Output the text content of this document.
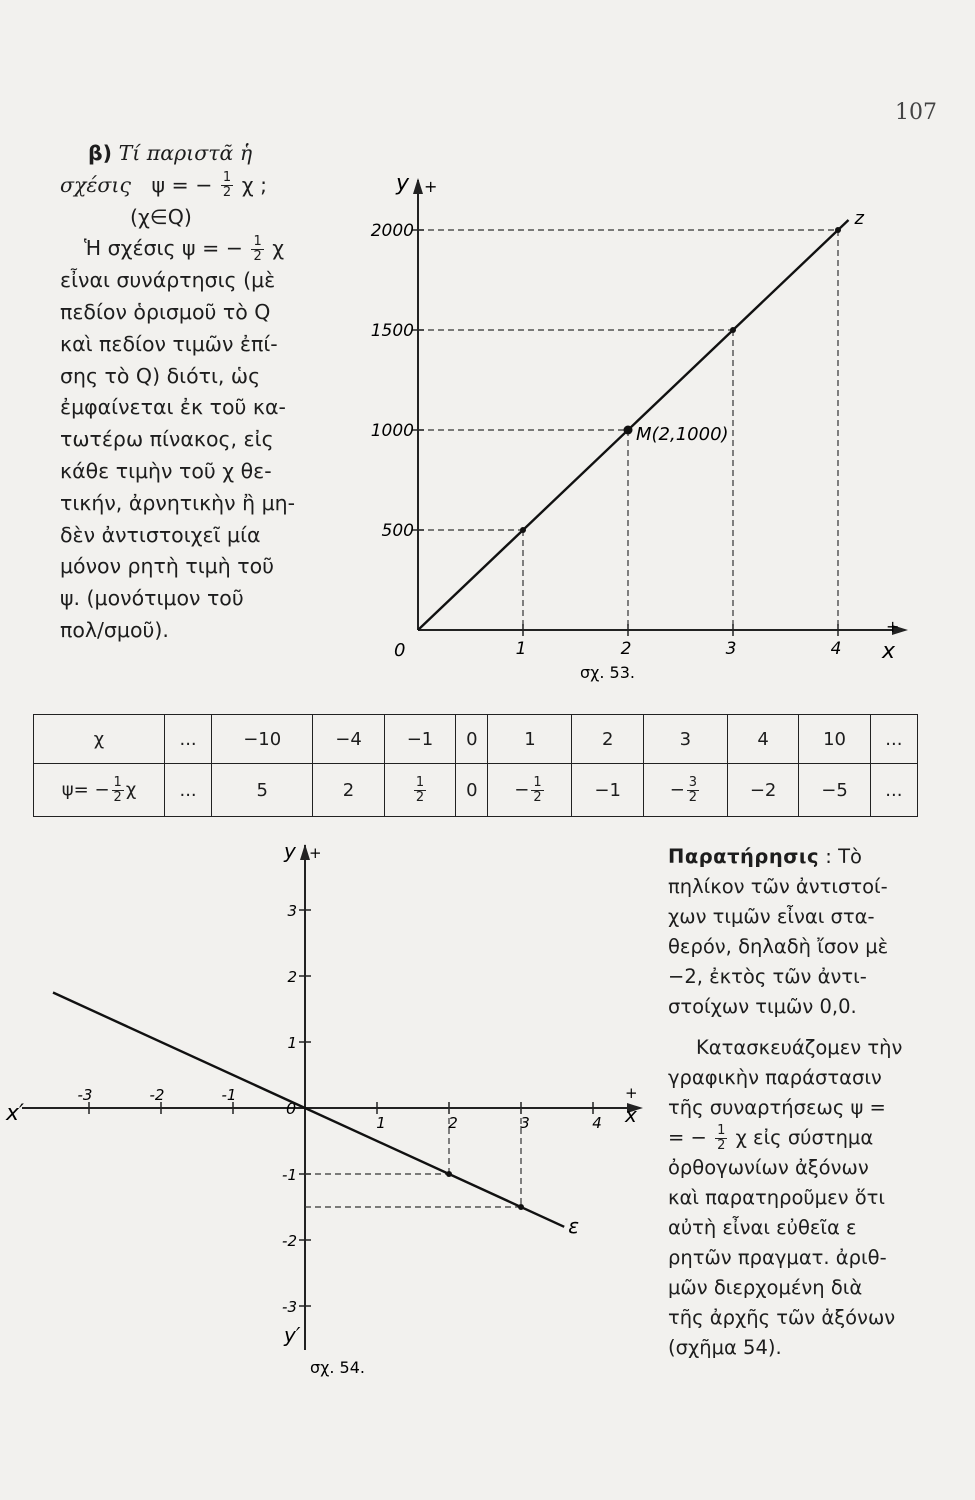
107

β) Τί παριστᾶ ἡ

σχέσις ψ = − $\frac{1}{2}$ χ ;

(χ∈Q)

Ἡ σχέσις ψ = − $\frac{1}{2}$ χ

εἶναι συνάρτησις (μὲ

πεδίον ὁρισμοῦ τὸ Q

καὶ πεδίον τιμῶν ἐπί-

σης τὸ Q) διότι, ὡς

ἐμφαίνεται ἐκ τοῦ κα-

τωτέρω πίνακος, εἰς

κάθε τιμὴν τοῦ χ θε-

τικήν, ἀρνητικὴν ἢ μη-

δὲν ἀντιστοιχεῖ μία

μόνον ρητὴ τιμὴ τοῦ

ψ. (μονότιμον τοῦ

πολ/σμοῦ).

y +
x
+
0
σχ. 53.
500
1000
1500
2000
1	2	3	4
M(2,1000)
z
χ	...	−10	−4	−1	0	1	2	3	4	10	...
$\psi= - \frac{1}{2}$ χ	...	5	2	$\frac{1}{2}$	0	− $\frac{1}{2}$	−1	− $\frac{3}{2}$	−2	−5	...
y +
y′
x
+
x′	0
σχ. 54.
-3	-2	-1
1	2	3	4
3
2
1
-1
-2
-3
ε

Παρατήρησις : Τὸ
πηλίκον τῶν ἀντιστοί-
χων τιμῶν εἶναι στα-
θερόν, δηλαδὴ ἴσον μὲ
−2, ἐκτὸς τῶν ἀντι-
στοίχων τιμῶν 0,0.

Κατασκευάζομεν τὴν
γραφικὴν παράστασιν
τῆς συναρτήσεως ψ =
= − $\frac{1}{2}$ χ εἰς σύστημα
ὀρθογωνίων ἀξόνων
καὶ παρατηροῦμεν ὅτι
αὐτὴ εἶναι εὐθεῖα ε
ρητῶν πραγματ. ἀριθ-
μῶν διερχομένη διὰ
τῆς ἀρχῆς τῶν ἀξόνων
(σχῆμα 54).
